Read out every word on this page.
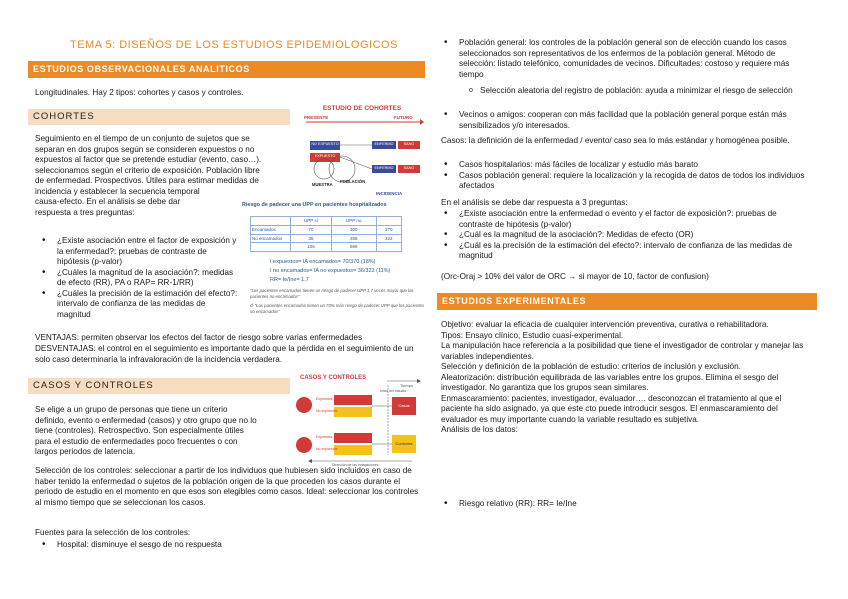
TEMA 5: DISEÑOS DE LOS ESTUDIOS EPIDEMIOLOGICOS
ESTUDIOS OBSERVACIONALES ANALITICOS
Longitudinales. Hay 2 tipos: cohortes y casos y controles.
COHORTES
Seguimiento en el tiempo de un conjunto de sujetos que se
separan en dos grupos según se consideren expuestos o no
expuestos al factor que se pretende estudiar (evento, caso…).
seleccionamos según el criterio de exposición. Población libre
de enfermedad. Prospectivos. Útiles para estimar medidas de
incidencia y establecer la secuencia temporal
causa-efecto. En el análisis se debe dar
respuesta a tres preguntas:
• ¿Existe asociación entre el factor de exposición y la enfermedad?: pruebas de contraste de hipótesis (p-valor)
• ¿Cuáles la magnitud de la asociación?: medidas de efecto (RR), PA o RAP= RR-1/RR)
• ¿Cuáles la precisión de la estimación del efecto?: intervalo de confianza de las medidas de magnitud
VENTAJAS: permiten observar los efectos del factor de riesgo sobre varias enfermedades
DESVENTAJAS: el control en el seguimiento es importante dado que la pérdida en el seguimiento de un solo caso determinaría la infravaloración de la incidencia verdadera.
CASOS Y CONTROLES
Se elige a un grupo de personas que tiene un criterio
definido, evento o enfermedad (casos) y otro grupo que no lo
tiene (controles). Retrospectivo. Son especialmente útiles
para el estudio de enfermedades poco frecuentes o con
largos periodos de latencia.
Selección de los controles: seleccionar a partir de los individuos que hubiesen sido incluidos en caso de haber tenido la enfermedad o sujetos de la población origen de la que proceden los casos durante el periodo de estudio en el momento en que esos son elegibles como casos. Ideal: seleccionar los controles al mismo tiempo que se seleccionan los casos.
Fuentes para la selección de los controles:
• Hospital: disminuye el sesgo de no respuesta
ESTUDIO DE COHORTES
PRESENTE	FUTURO
NO EXPUESTO
EXPUESTO
ENFERMO	SANO
ENFERMO	SANO
MUESTRA
POBLACIÓN
INCIDENCIA
Riesgo de padecer una UPP en pacientes hospitalizados
	UPP sí	UPP no	
Encamados	70	300	370
No encamados	36	286	322
	106	586	
I expuestos= IA encamados= 70/370 (18%)
I no encamados= IA no expuestos= 36/322 (11%)
RR= Ie/Ine= 1,7
"Los pacientes encamados tienen un riesgo de padecer UPP 1,7 veces mayor que los pacientes no encamados"
Ó "Los pacientes encamados tienen un 70% más riesgo de padecer UPP que los pacientes no encamados"
CASOS Y CONTROLES
Tiempo
Inicio del estudio
Expuestos
No expuestos
Expuestos
No expuestos
Casos
Controles
Dirección de las indagaciones
• Población general: los controles de la población general son de elección cuando los casos seleccionados son representativos de los enfermos de la población general. Método de selección: listado telefónico, comunidades de vecinos. Dificultades: costoso y requiere más tiempo
o Selección aleatoria del registro de población: ayuda a minimizar el riesgo de selección
• Vecinos o amigos: cooperan con más facilidad que la población general porque están más sensibilizados y/o interesados.
Casos: la definición de la enfermedad / evento/ caso sea lo más estándar y homogénea posible.
• Casos hospitalarios: más fáciles de localizar y estudio más barato
• Casos población general: requiere la localización y la recogida de datos de todos los individuos afectados
En el análisis se debe dar respuesta a 3 preguntas:
• ¿Existe asociación entre la enfermedad o evento y el factor de exposición?: pruebas de contraste de hipótesis (p-valor)
• ¿Cuál es la magnitud de la asociación?: Medidas de efecto (OR)
• ¿Cuál es la precisión de la estimación del efecto?: intervalo de confianza de las medidas de magnitud
(Orc-Oraj > 10% del valor de ORC → si mayor de 10, factor de confusion)
ESTUDIOS EXPERIMENTALES
Objetivo: evaluar la eficacia de cualquier intervención preventiva, curativa o rehabilitadora.
Tipos: Ensayo clínico, Estudio cuasi-experimental.
La manipulación hace referencia a la posibilidad que tiene el investigador de controlar y manejar las variables independientes.
Selección y definición de la población de estudio: criterios de inclusión y exclusión.
Aleatorización: distribución equilibrada de las variables entre los grupos. Elimina el sesgo del investigador. No garantiza que los grupos sean similares.
Enmascaramiento: pacientes, investigador, evaluador…. desconozcan el tratamiento al que el paciente ha sido asignado, ya que este cto puede introducir sesgos. El enmascaramiento del evaluador es muy importante cuando la variable resultado es subjetiva.
Análisis de los datos:
• Riesgo relativo (RR): RR= Ie/Ine
